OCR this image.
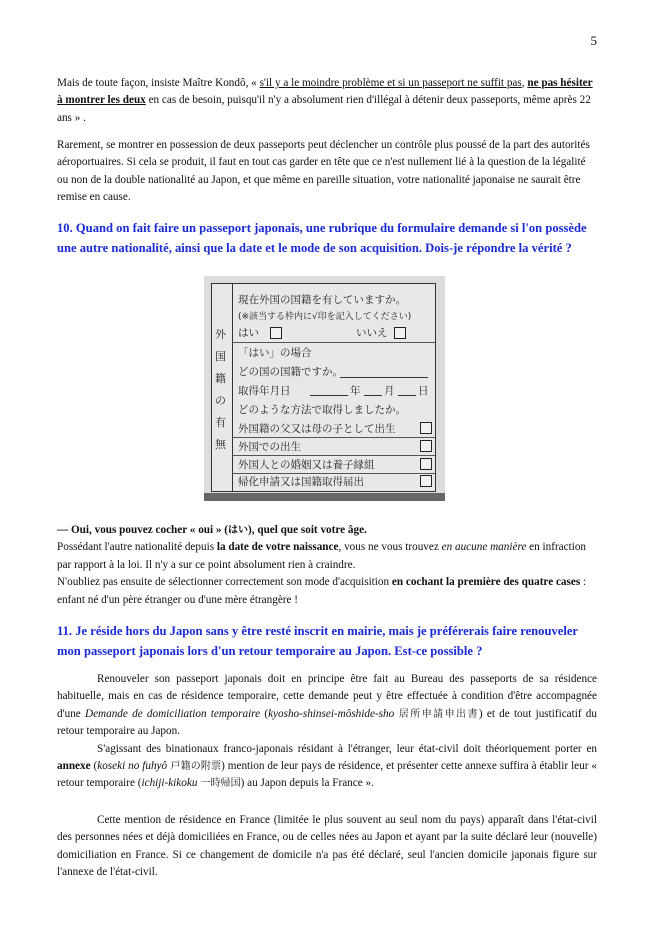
5

Mais de toute façon, insiste Maître Kondô, « s'il y a le moindre problème et si un passeport ne suffit pas, ne pas hésiter à montrer les deux en cas de besoin, puisqu'il n'y a absolument rien d'illégal à détenir deux passeports, même après 22 ans » .

Rarement, se montrer en possession de deux passeports peut déclencher un contrôle plus poussé de la part des autorités aéroportuaires. Si cela se produit, il faut en tout cas garder en tête que ce n'est nullement lié à la question de la légalité ou non de la double nationalité au Japon, et que même en pareille situation, votre nationalité japonaise ne saurait être remise en cause.

10. Quand on fait faire un passeport japonais, une rubrique du formulaire demande si l'on possède une autre nationalité, ainsi que la date et le mode de son acquisition. Dois-je répondre la vérité ?
外
国
籍
の
有
無
現在外国の国籍を有していますか。
(※該当する枠内に√印を記入してください)
はい	いいえ
「はい」の場合
どの国の国籍ですか。
取得年月日	年 月 日
どのような方法で取得しましたか。
外国籍の父又は母の子として出生
外国での出生
外国人との婚姻又は養子縁組
帰化申請又は国籍取得届出

— Oui, vous pouvez cocher « oui » (はい), quel que soit votre âge.

Possédant l'autre nationalité depuis la date de votre naissance, vous ne vous trouvez en aucune manière en infraction par rapport à la loi. Il n'y a sur ce point absolument rien à craindre.

N'oubliez pas ensuite de sélectionner correctement son mode d'acquisition en cochant la première des quatre cases : enfant né d'un père étranger ou d'une mère étrangère !

11. Je réside hors du Japon sans y être resté inscrit en mairie, mais je préférerais faire renouveler mon passeport japonais lors d'un retour temporaire au Japon. Est-ce possible ?

Renouveler son passeport japonais doit en principe être fait au Bureau des passeports de sa résidence habituelle, mais en cas de résidence temporaire, cette demande peut y être effectuée à condition d'être accompagnée d'une Demande de domiciliation temporaire (kyosho-shinsei-môshide-sho 居所申請申出書) et de tout justificatif du retour temporaire au Japon.

S'agissant des binationaux franco-japonais résidant à l'étranger, leur état-civil doit théoriquement porter en annexe (koseki no fuhyô 戸籍の附票) mention de leur pays de résidence, et présenter cette annexe suffira à établir leur « retour temporaire (ichiji-kikoku 一時帰国) au Japon depuis la France ».

Cette mention de résidence en France (limitée le plus souvent au seul nom du pays) apparaît dans l'état-civil des personnes nées et déjà domiciliées en France, ou de celles nées au Japon et ayant par la suite déclaré leur (nouvelle) domiciliation en France. Si ce changement de domicile n'a pas été déclaré, seul l'ancien domicile japonais figure sur l'annexe de l'état-civil.
